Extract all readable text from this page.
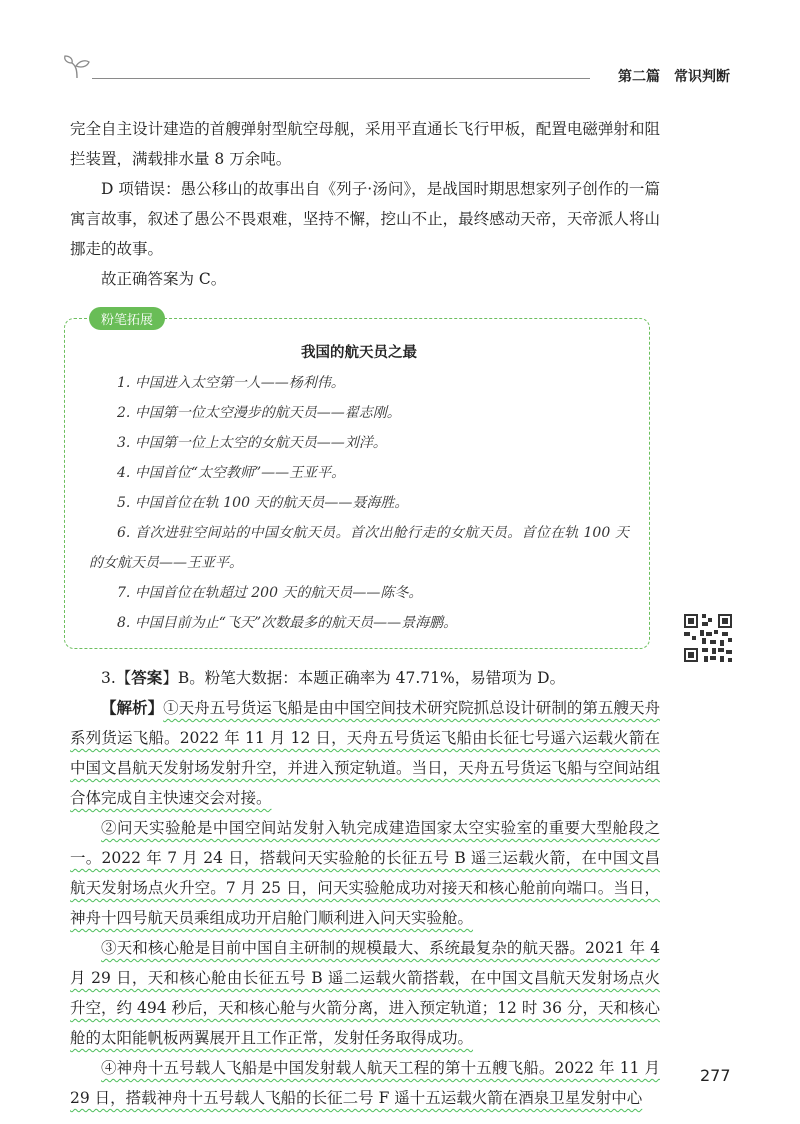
第二篇 常识判断

完全自主设计建造的首艘弹射型航空母舰，采用平直通长飞行甲板，配置电磁弹射和阻拦装置，满载排水量 8 万余吨。

D 项错误：愚公移山的故事出自《列子·汤问》，是战国时期思想家列子创作的一篇寓言故事，叙述了愚公不畏艰难，坚持不懈，挖山不止，最终感动天帝，天帝派人将山挪走的故事。

故正确答案为 C。

粉笔拓展
我国的航天员之最

1. 中国进入太空第一人——杨利伟。

2. 中国第一位太空漫步的航天员——翟志刚。

3. 中国第一位上太空的女航天员——刘洋。

4. 中国首位“太空教师”——王亚平。

5. 中国首位在轨 100 天的航天员——聂海胜。

6. 首次进驻空间站的中国女航天员。首次出舱行走的女航天员。首位在轨 100 天的女航天员——王亚平。

7. 中国首位在轨超过 200 天的航天员——陈冬。

8. 中国目前为止“飞天”次数最多的航天员——景海鹏。

3.【答案】B。粉笔大数据：本题正确率为 47.71%，易错项为 D。

【解析】①天舟五号货运飞船是由中国空间技术研究院抓总设计研制的第五艘天舟系列货运飞船。2022 年 11 月 12 日，天舟五号货运飞船由长征七号遥六运载火箭在中国文昌航天发射场发射升空，并进入预定轨道。当日，天舟五号货运飞船与空间站组合体完成自主快速交会对接。

②问天实验舱是中国空间站发射入轨完成建造国家太空实验室的重要大型舱段之一。2022 年 7 月 24 日，搭载问天实验舱的长征五号 B 遥三运载火箭，在中国文昌航天发射场点火升空。7 月 25 日，问天实验舱成功对接天和核心舱前向端口。当日，神舟十四号航天员乘组成功开启舱门顺利进入问天实验舱。

③天和核心舱是目前中国自主研制的规模最大、系统最复杂的航天器。2021 年 4 月 29 日，天和核心舱由长征五号 B 遥二运载火箭搭载，在中国文昌航天发射场点火升空，约 494 秒后，天和核心舱与火箭分离，进入预定轨道；12 时 36 分，天和核心舱的太阳能帆板两翼展开且工作正常，发射任务取得成功。

④神舟十五号载人飞船是中国发射载人航天工程的第十五艘飞船。2022 年 11 月 29 日，搭载神舟十五号载人飞船的长征二号 F 遥十五运载火箭在酒泉卫星发射中心

277
